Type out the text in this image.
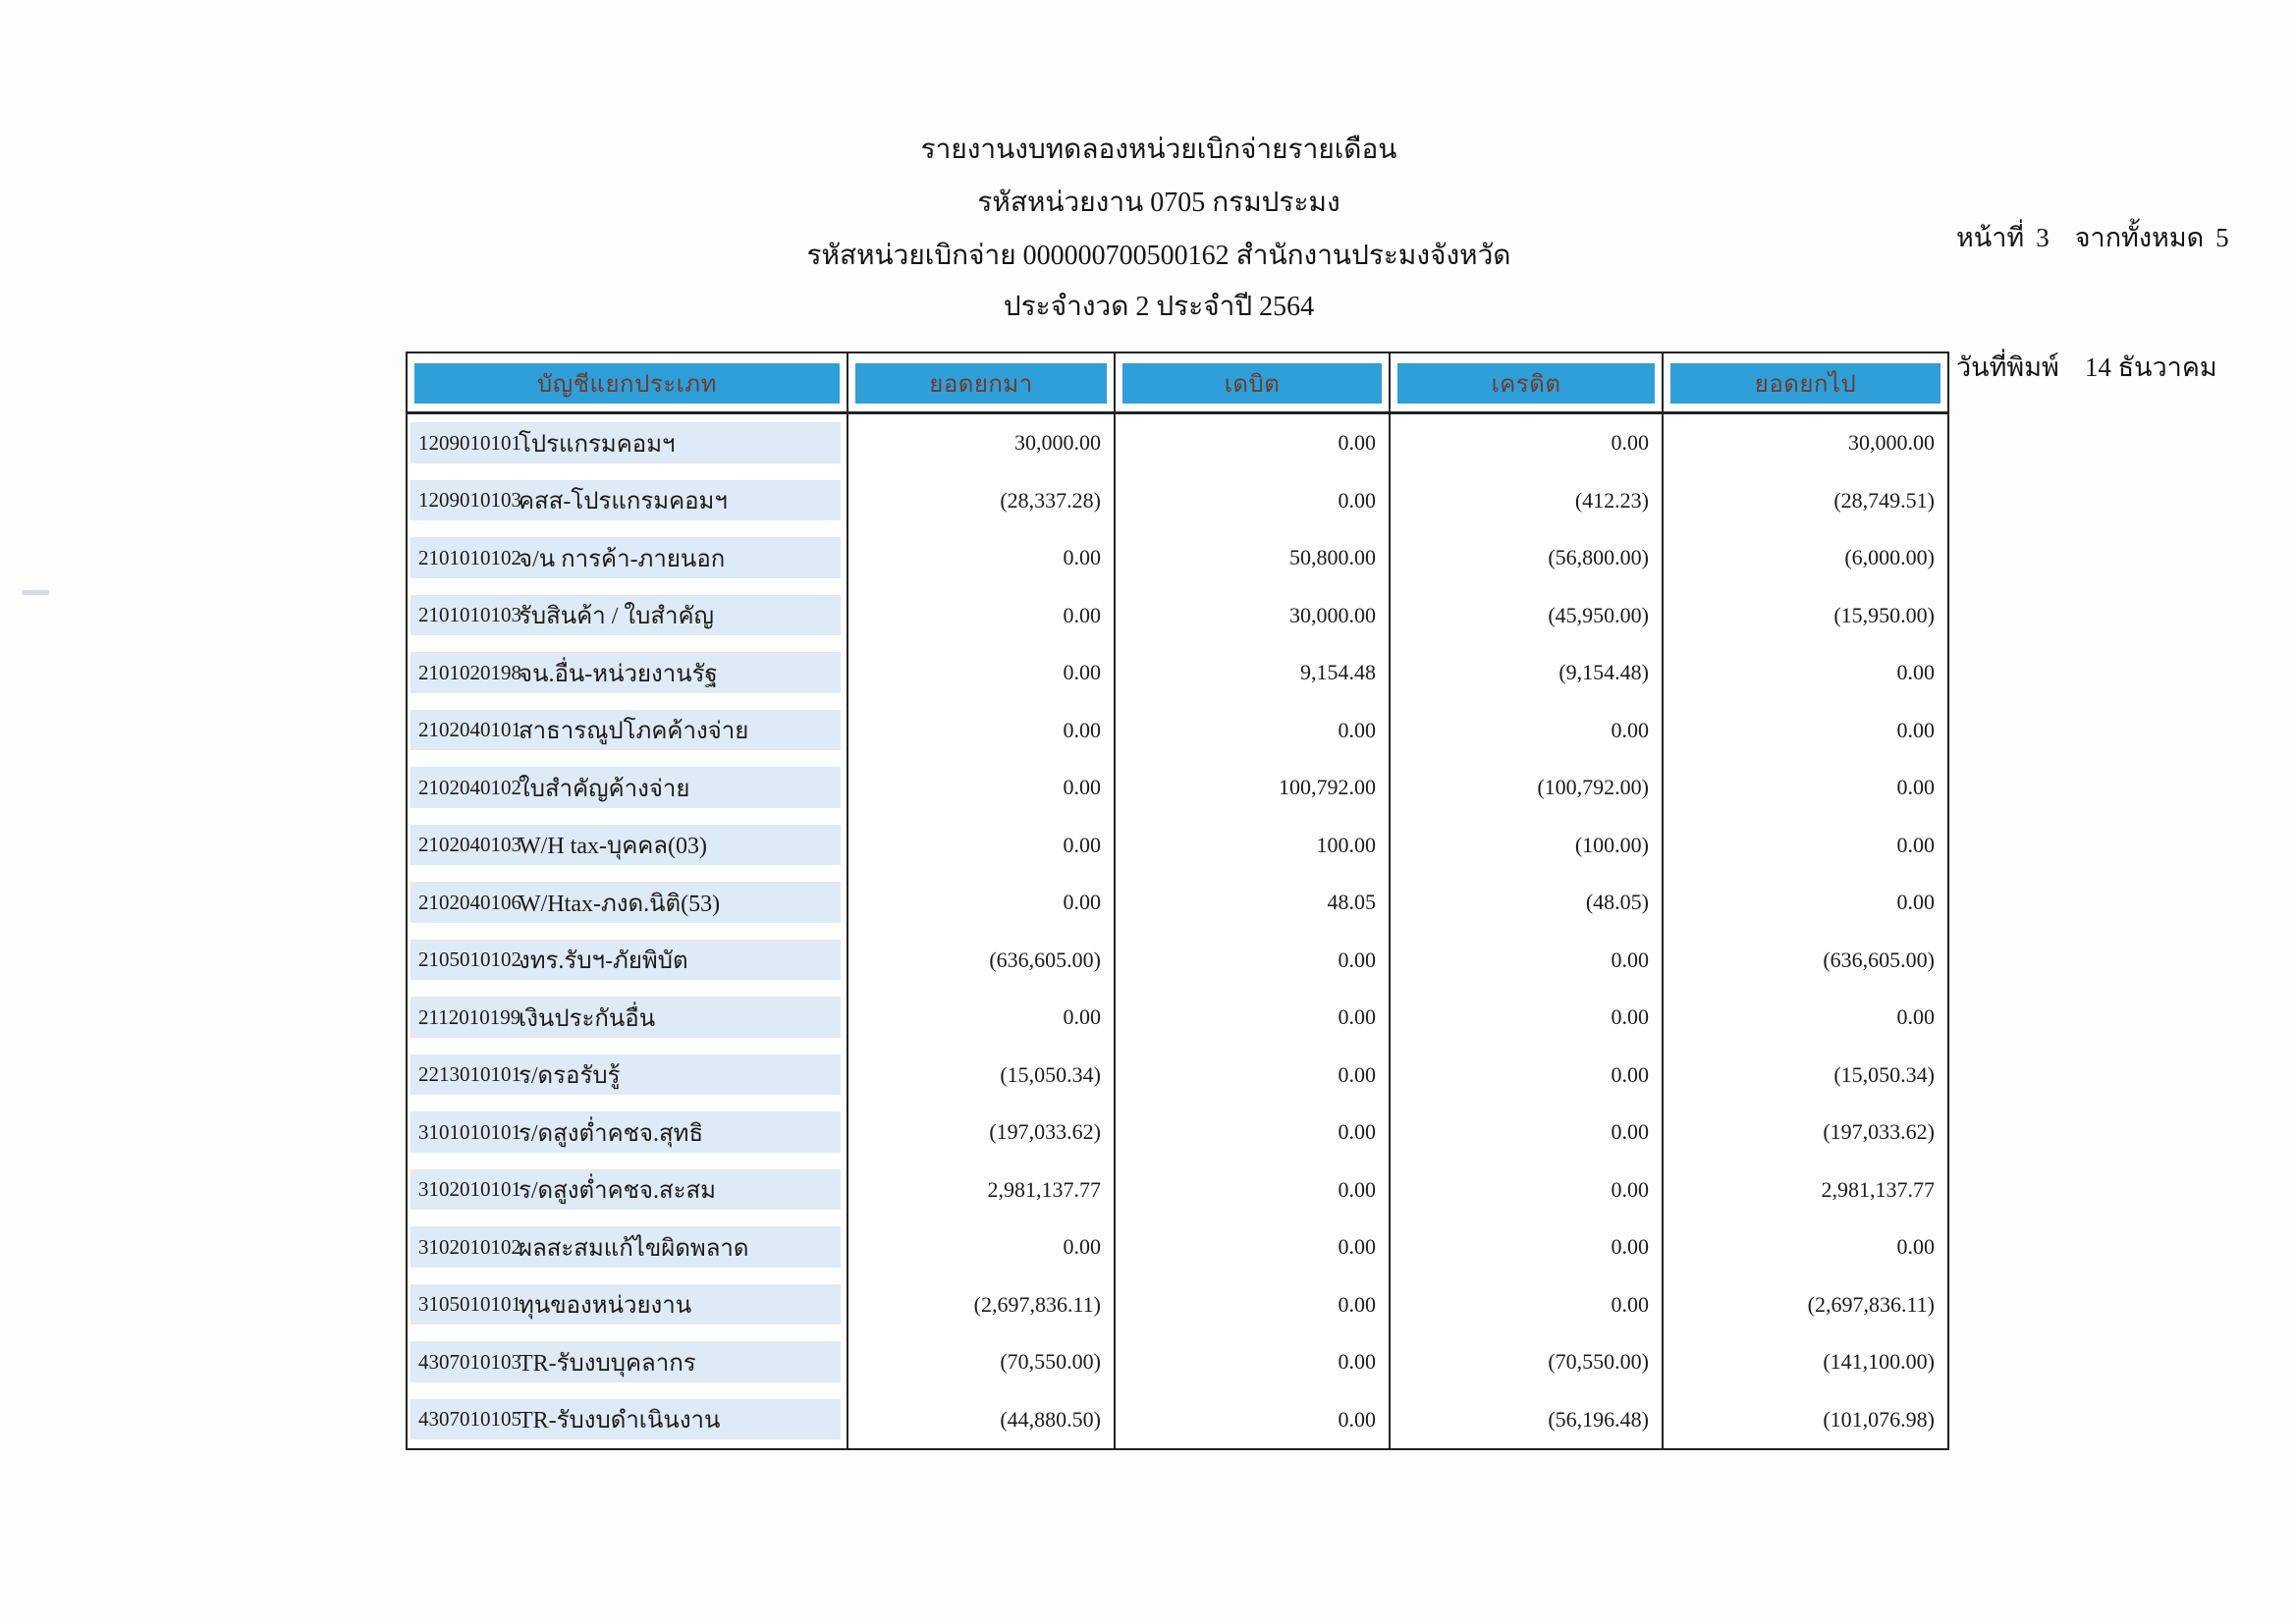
รายงานงบทดลองหน่วยเบิกจ่ายรายเดือน
รหัสหน่วยงาน 0705 กรมประมง
รหัสหน่วยเบิกจ่าย 000000700500162 สำนักงานประมงจังหวัด
ประจำงวด 2 ประจำปี 2564

หน้าที่ 3 จากทั้งหมด 5

วันที่พิมพ์ 14 ธันวาคม

บัญชีแยกประเภท	ยอดยกมา	เดบิต	เครดิต	ยอดยกไป
1209010101
โปรแกรมคอมฯ	30,000.00	0.00	0.00	30,000.00
1209010103
คสส-โปรแกรมคอมฯ	(28,337.28)	0.00	(412.23)	(28,749.51)
2101010102
จ/น การค้า-ภายนอก	0.00	50,800.00	(56,800.00)	(6,000.00)
2101010103
รับสินค้า / ใบสำคัญ	0.00	30,000.00	(45,950.00)	(15,950.00)
2101020198
จน.อื่น-หน่วยงานรัฐ	0.00	9,154.48	(9,154.48)	0.00
2102040101
สาธารณูปโภคค้างจ่าย	0.00	0.00	0.00	0.00
2102040102
ใบสำคัญค้างจ่าย	0.00	100,792.00	(100,792.00)	0.00
2102040103
W/H tax-บุคคล(03)	0.00	100.00	(100.00)	0.00
2102040106
W/Htax-ภงด.นิติ(53)	0.00	48.05	(48.05)	0.00
2105010102
งทร.รับฯ-ภัยพิบัต	(636,605.00)	0.00	0.00	(636,605.00)
2112010199
เงินประกันอื่น	0.00	0.00	0.00	0.00
2213010101
ร/ดรอรับรู้	(15,050.34)	0.00	0.00	(15,050.34)
3101010101
ร/ดสูงต่ำคชจ.สุทธิ	(197,033.62)	0.00	0.00	(197,033.62)
3102010101
ร/ดสูงต่ำคชจ.สะสม	2,981,137.77	0.00	0.00	2,981,137.77
3102010102
ผลสะสมแก้ไขผิดพลาด	0.00	0.00	0.00	0.00
3105010101
ทุนของหน่วยงาน	(2,697,836.11)	0.00	0.00	(2,697,836.11)
4307010103
TR-รับงบบุคลากร	(70,550.00)	0.00	(70,550.00)	(141,100.00)
4307010105
TR-รับงบดำเนินงาน	(44,880.50)	0.00	(56,196.48)	(101,076.98)
